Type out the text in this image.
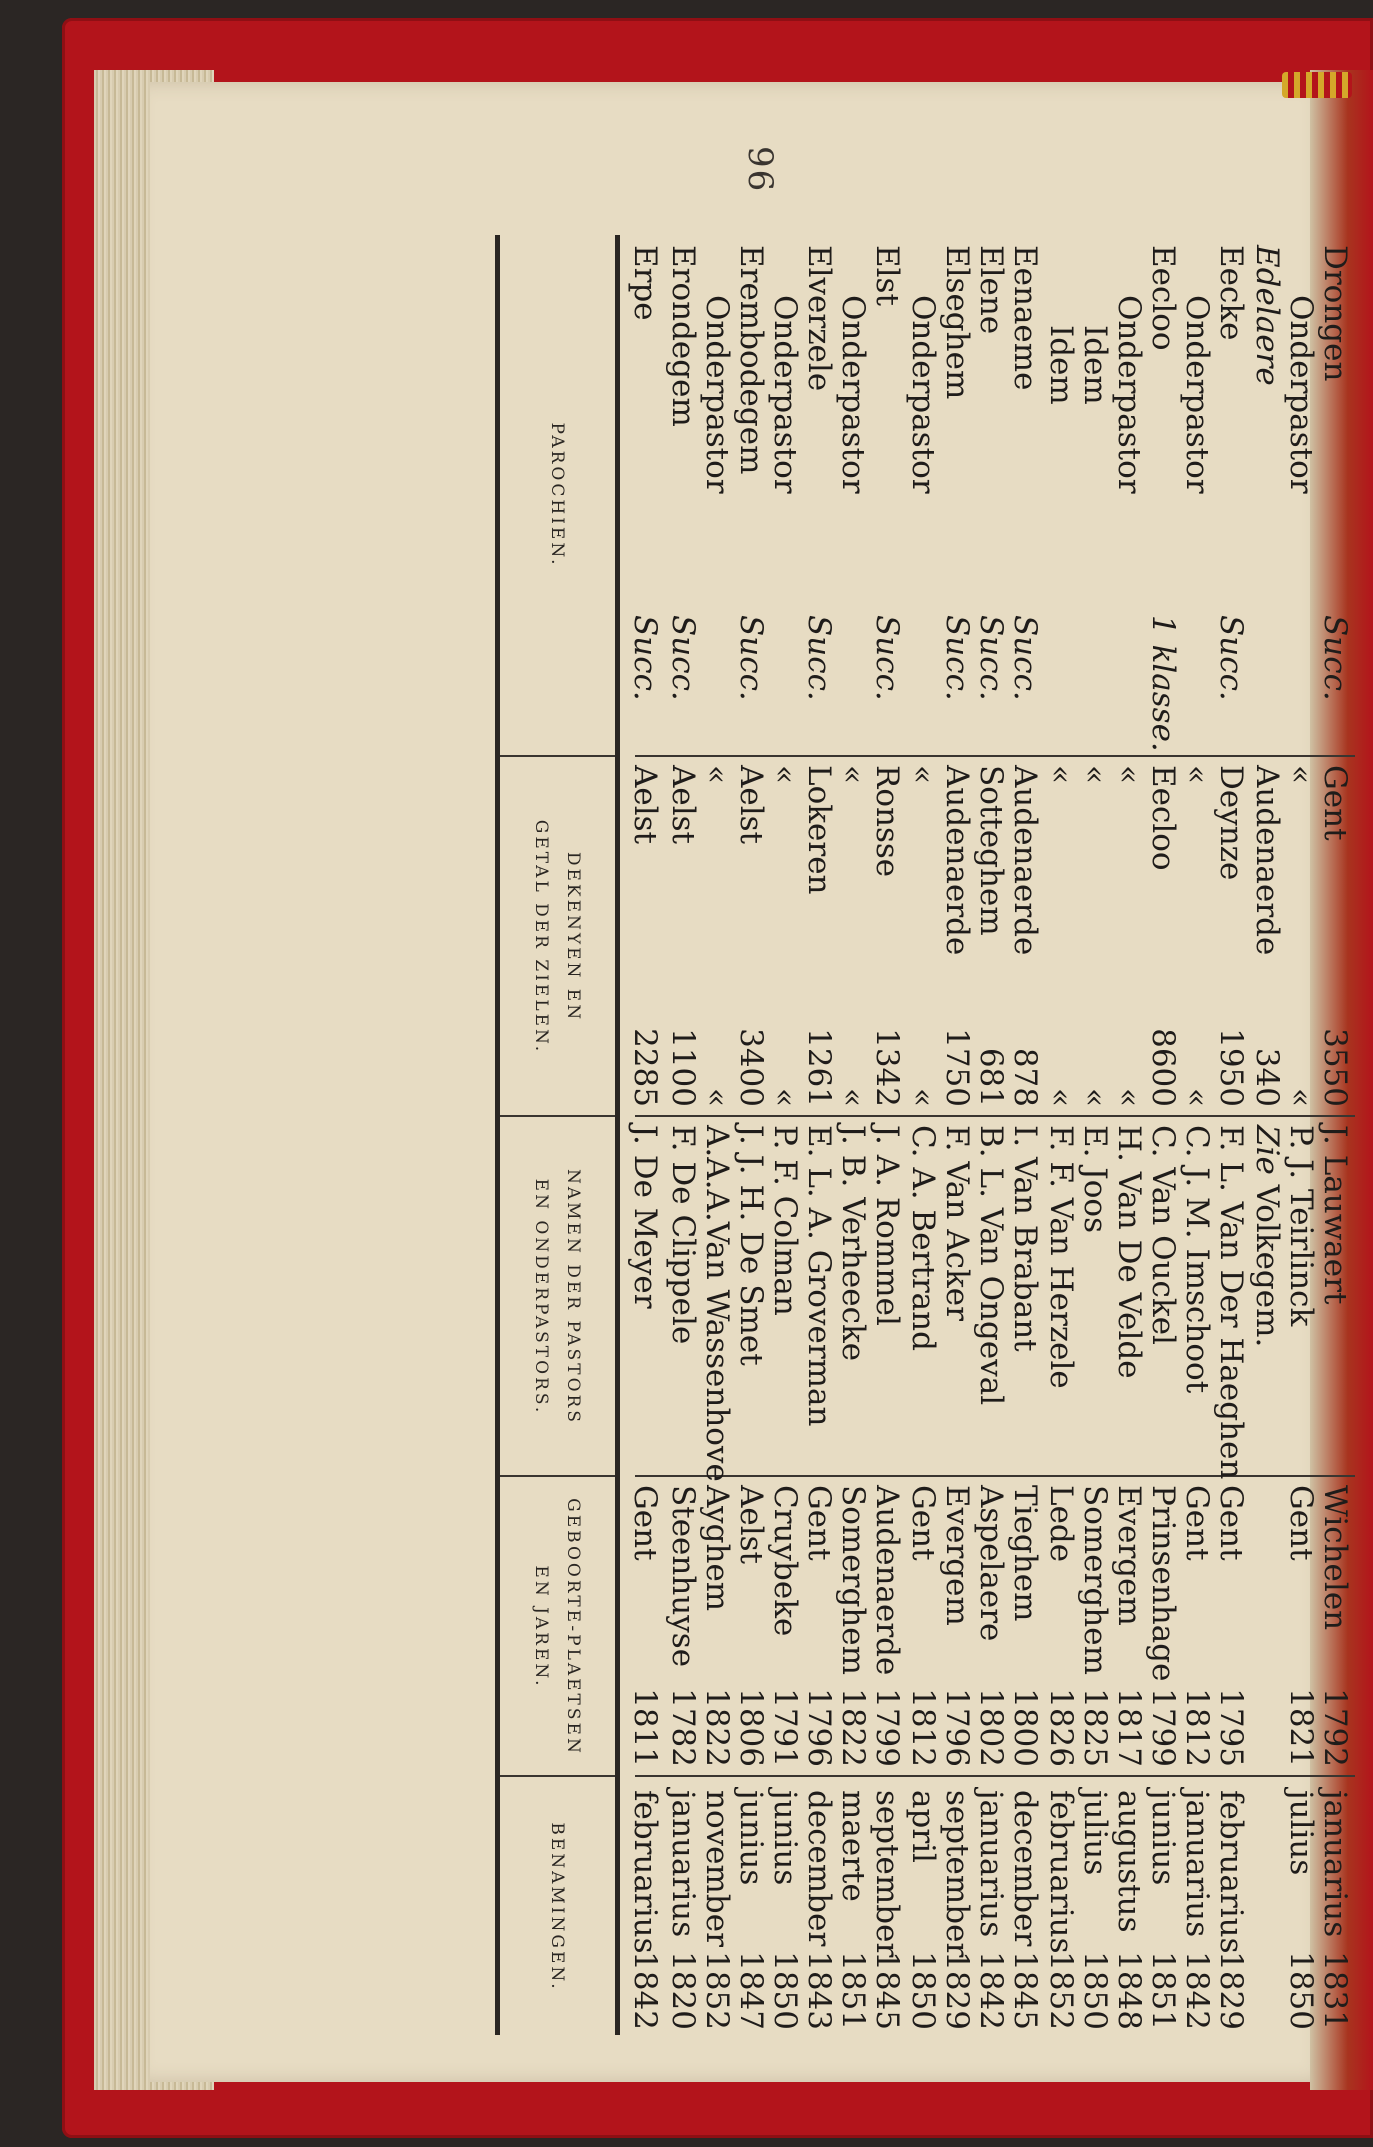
96
PAROCHIEN.
DEKENYEN EN
GETAL DER ZIELEN.
NAMEN DER PASTORS
EN ONDERPASTORS.
GEBOORTE-PLAETSEN
EN JAREN.
BENAMINGEN.
Drongen
Succ.
Gent
3550
J. Lauwaert
Wichelen
1792
januarius
1831
Onderpastor
«
«
P. J. Teirlinck
Gent
1821
julius
1850
Edelaere
Audenaerde
340
Zie Volkegem.
Eecke
Succ.
Deynze
1950
F. L. Van Der Haeghen
Gent
1795
februarius
1829
Onderpastor
«
«
C. J. M. Imschoot
Gent
1812
januarius
1842
Eecloo
1 klasse.
Eecloo
8600
C. Van Ouckel
Prinsenhage
1799
junius
1851
Onderpastor
«
«
H. Van De Velde
Evergem
1817
augustus
1848
Idem
«
«
E. Joos
Somerghem
1825
julius
1850
Idem
«
«
F. F. Van Herzele
Lede
1826
februarius
1852
Eenaeme
Succ.
Audenaerde
878
I. Van Brabant
Tieghem
1800
december
1845
Elene
Succ.
Sotteghem
681
B. L. Van Ongeval
Aspelaere
1802
januarius
1842
Elseghem
Succ.
Audenaerde
1750
F. Van Acker
Evergem
1796
september
1829
Onderpastor
«
«
C. A. Bertrand
Gent
1812
april
1850
Elst
Succ.
Ronsse
1342
J. A. Rommel
Audenaerde
1799
september
1845
Onderpastor
«
«
J. B. Verheecke
Somerghem
1822
maerte
1851
Elverzele
Succ.
Lokeren
1261
E. L. A. Groverman
Gent
1796
december
1843
Onderpastor
«
«
P. F. Colman
Cruybeke
1791
junius
1850
Erembodegem
Succ.
Aelst
3400
J. J. H. De Smet
Aelst
1806
junius
1847
Onderpastor
«
«
A.A.A.Van Wassenhove
Ayghem
1822
november
1852
Erondegem
Succ.
Aelst
1100
F. De Clippele
Steenhuyse
1782
januarius
1820
Erpe
Succ.
Aelst
2285
J. De Meyer
Gent
1811
februarius
1842
